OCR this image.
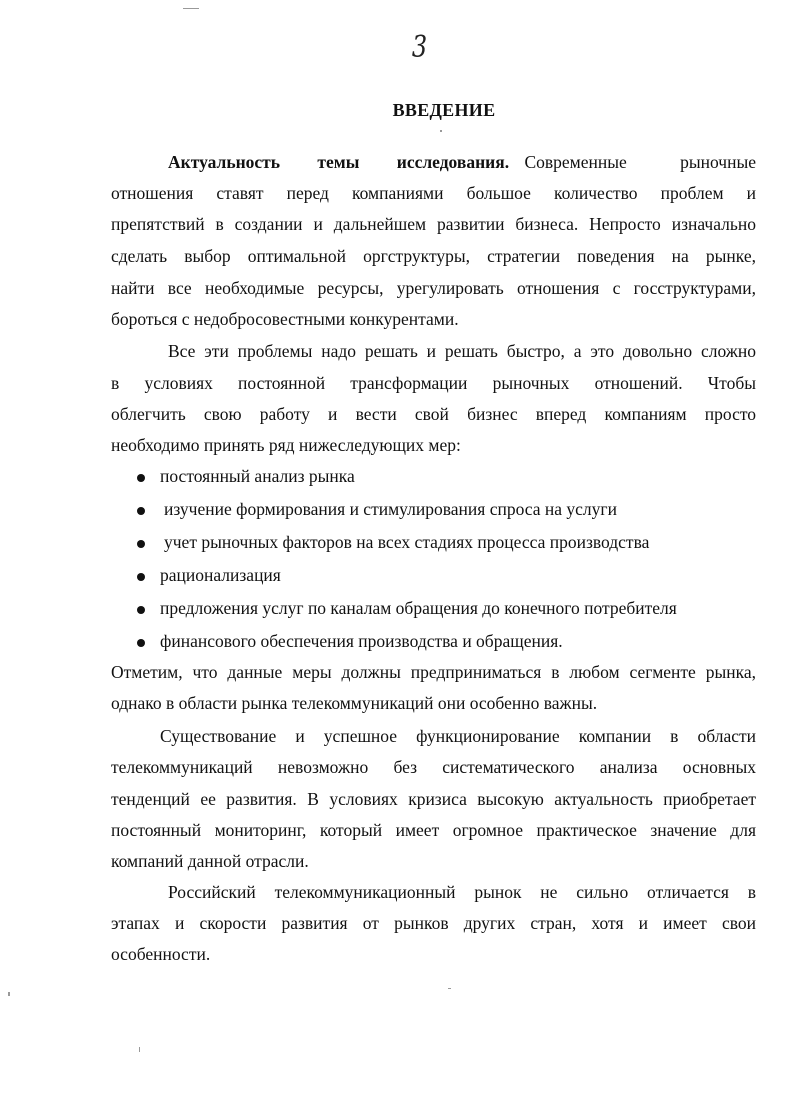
3
ВВЕДЕНИЕ
Актуальность темы исследования. Современные рыночные
отношения ставят перед компаниями большое количество проблем и
препятствий в создании и дальнейшем развитии бизнеса. Непросто изначально
сделать выбор оптимальной оргструктуры, стратегии поведения на рынке,
найти все необходимые ресурсы, урегулировать отношения с госструктурами,
бороться с недобросовестными конкурентами.
Все эти проблемы надо решать и решать быстро, а это довольно сложно
в условиях постоянной трансформации рыночных отношений. Чтобы
облегчить свою работу и вести свой бизнес вперед компаниям просто
необходимо принять ряд нижеследующих мер:
постоянный анализ рынка
изучение формирования и стимулирования спроса на услуги
учет рыночных факторов на всех стадиях процесса производства
рационализация
предложения услуг по каналам обращения до конечного потребителя
финансового обеспечения производства и обращения.
Отметим, что данные меры должны предприниматься в любом сегменте рынка,
однако в области рынка телекоммуникаций они особенно важны.
Существование и успешное функционирование компании в области
телекоммуникаций невозможно без систематического анализа основных
тенденций ее развития. В условиях кризиса высокую актуальность приобретает
постоянный мониторинг, который имеет огромное практическое значение для
компаний данной отрасли.
Российский телекоммуникационный рынок не сильно отличается в
этапах и скорости развития от рынков других стран, хотя и имеет свои
особенности.
